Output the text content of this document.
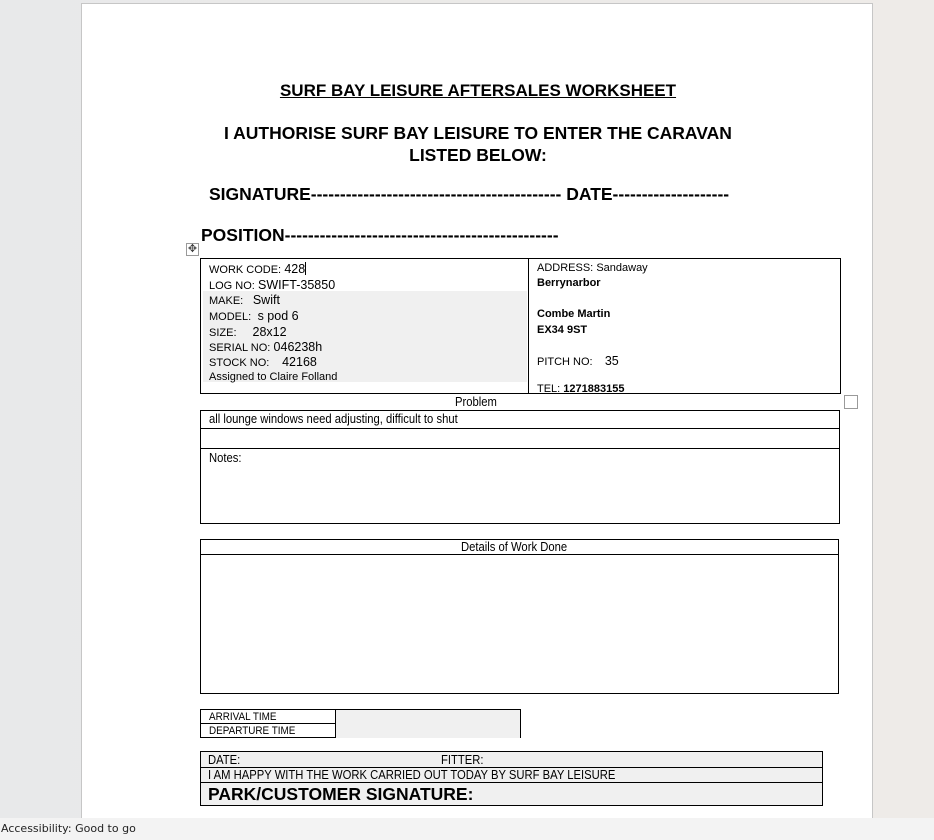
SURF BAY LEISURE AFTERSALES WORKSHEET
I AUTHORISE SURF BAY LEISURE TO ENTER THE CARAVAN
LISTED BELOW:
SIGNATURE------------------------------------------- DATE--------------------
POSITION-----------------------------------------------
✥
WORK CODE: 428
LOG NO: SWIFT-35850
MAKE: Swift
MODEL: s pod 6
SIZE: 28x12
SERIAL NO: 046238h
STOCK NO: 42168
Assigned to Claire Folland
ADDRESS: Sandaway
Berrynarbor
Combe Martin
EX34 9ST
PITCH NO: 35
TEL: 1271883155
Problem
all lounge windows need adjusting, difficult to shut
Notes:
Details of Work Done
ARRIVAL TIME
DEPARTURE TIME
DATE:	FITTER:
I AM HAPPY WITH THE WORK CARRIED OUT TODAY BY SURF BAY LEISURE
PARK/CUSTOMER SIGNATURE:
Accessibility: Good to go
